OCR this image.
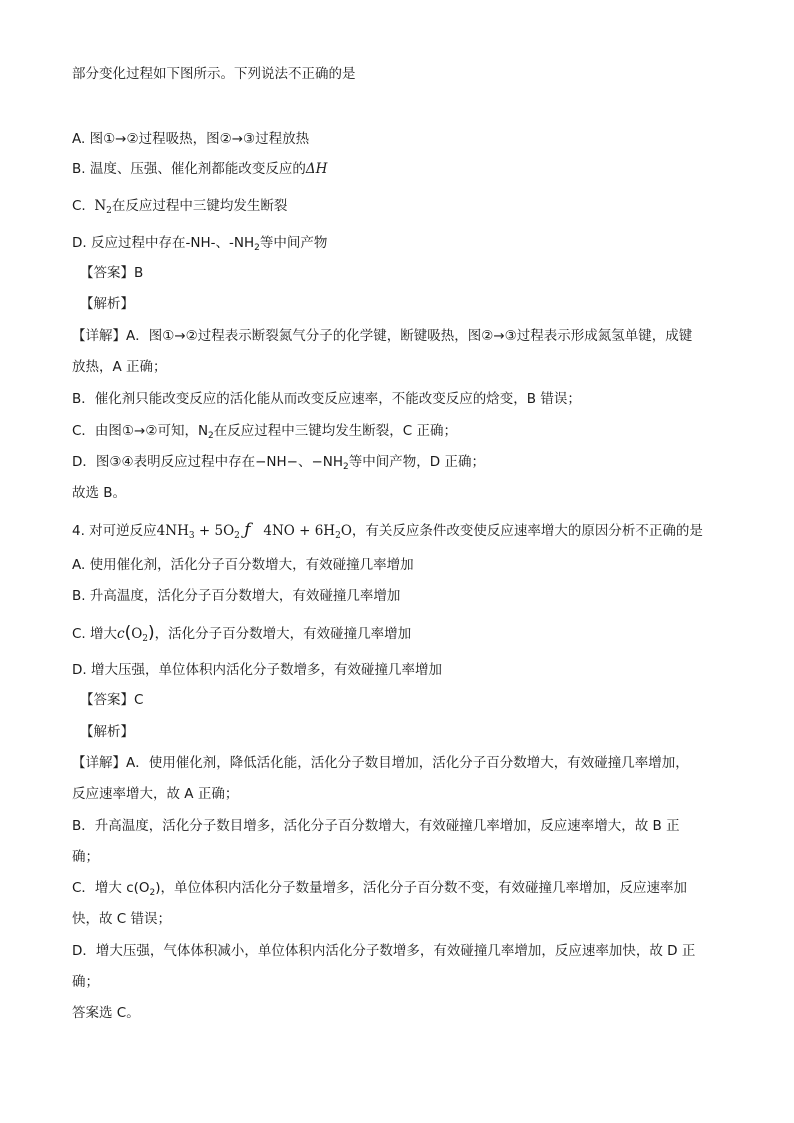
部分变化过程如下图所示。下列说法不正确的是
A. 图①→②过程吸热，图②→③过程放热
B. 温度、压强、催化剂都能改变反应的ΔH
C. $N_2$在反应过程中三键均发生断裂
D. 反应过程中存在-NH-、$-NH_2$等中间产物
【答案】B
【解析】
【详解】A．图①→②过程表示断裂氮气分子的化学键，断键吸热，图②→③过程表示形成氮氢单键，成键
放热，A 正确；
B．催化剂只能改变反应的活化能从而改变反应速率，不能改变反应的焓变，B 错误；
C．由图①→②可知，$N_2$在反应过程中三键均发生断裂，C 正确；
D．图③④表明反应过程中存在−NH−、$-NH_2$等中间产物，D 正确；
故选 B。
4. 对可逆反应$4NH_3 + 5O_2$ ƒ $4NO + 6H_2O$，有关反应条件改变使反应速率增大的原因分析不正确的是
A. 使用催化剂，活化分子百分数增大，有效碰撞几率增加
B. 升高温度，活化分子百分数增大，有效碰撞几率增加
C. 增大$c(O_2)$，活化分子百分数增大，有效碰撞几率增加
D. 增大压强，单位体积内活化分子数增多，有效碰撞几率增加
【答案】C
【解析】
【详解】A．使用催化剂，降低活化能，活化分子数目增加，活化分子百分数增大，有效碰撞几率增加，
反应速率增大，故 A 正确；
B．升高温度，活化分子数目增多，活化分子百分数增大，有效碰撞几率增加，反应速率增大，故 B 正
确；
C．增大 $c(O_2)$，单位体积内活化分子数量增多，活化分子百分数不变，有效碰撞几率增加，反应速率加
快，故 C 错误；
D．增大压强，气体体积减小，单位体积内活化分子数增多，有效碰撞几率增加，反应速率加快，故 D 正
确；
答案选 C。
